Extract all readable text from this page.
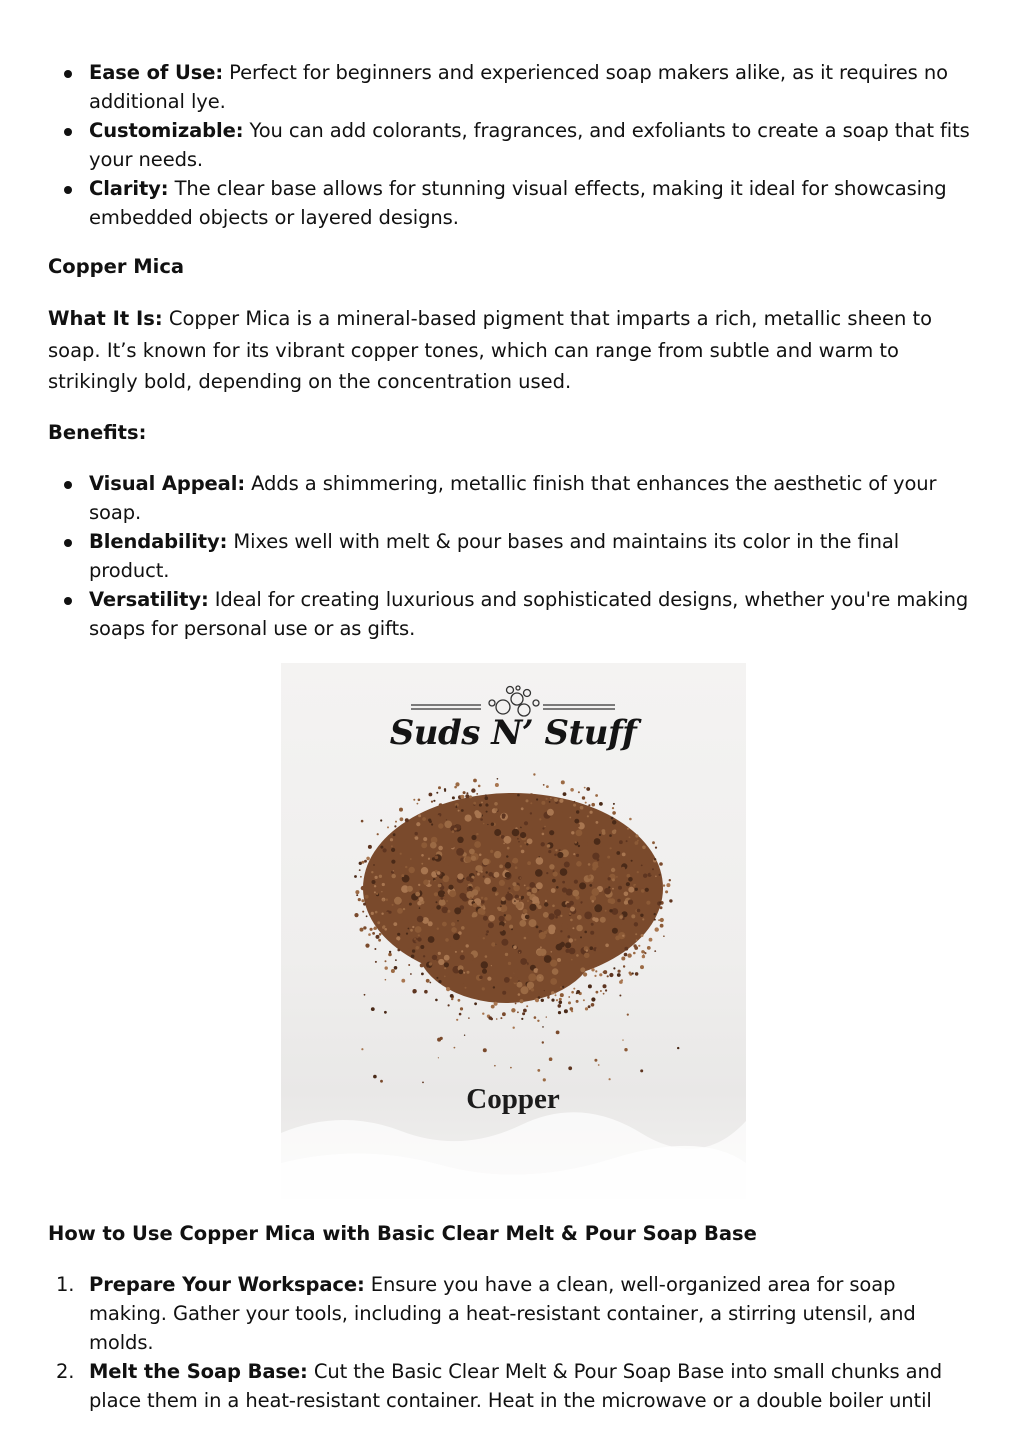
Ease of Use: Perfect for beginners and experienced soap makers alike, as it requires no additional lye.
Customizable: You can add colorants, fragrances, and exfoliants to create a soap that fits your needs.
Clarity: The clear base allows for stunning visual effects, making it ideal for showcasing embedded objects or layered designs.
Copper Mica

What It Is: Copper Mica is a mineral-based pigment that imparts a rich, metallic sheen to soap. It’s known for its vibrant copper tones, which can range from subtle and warm to strikingly bold, depending on the concentration used.

Benefits:
Visual Appeal: Adds a shimmering, metallic finish that enhances the aesthetic of your soap.
Blendability: Mixes well with melt & pour bases and maintains its color in the final product.
Versatility: Ideal for creating luxurious and sophisticated designs, whether you're making soaps for personal use or as gifts.
Suds N’ Stuff
Copper
How to Use Copper Mica with Basic Clear Melt & Pour Soap Base
1. Prepare Your Workspace: Ensure you have a clean, well-organized area for soap making. Gather your tools, including a heat-resistant container, a stirring utensil, and molds.
2. Melt the Soap Base: Cut the Basic Clear Melt & Pour Soap Base into small chunks and place them in a heat-resistant container. Heat in the microwave or a double boiler until
